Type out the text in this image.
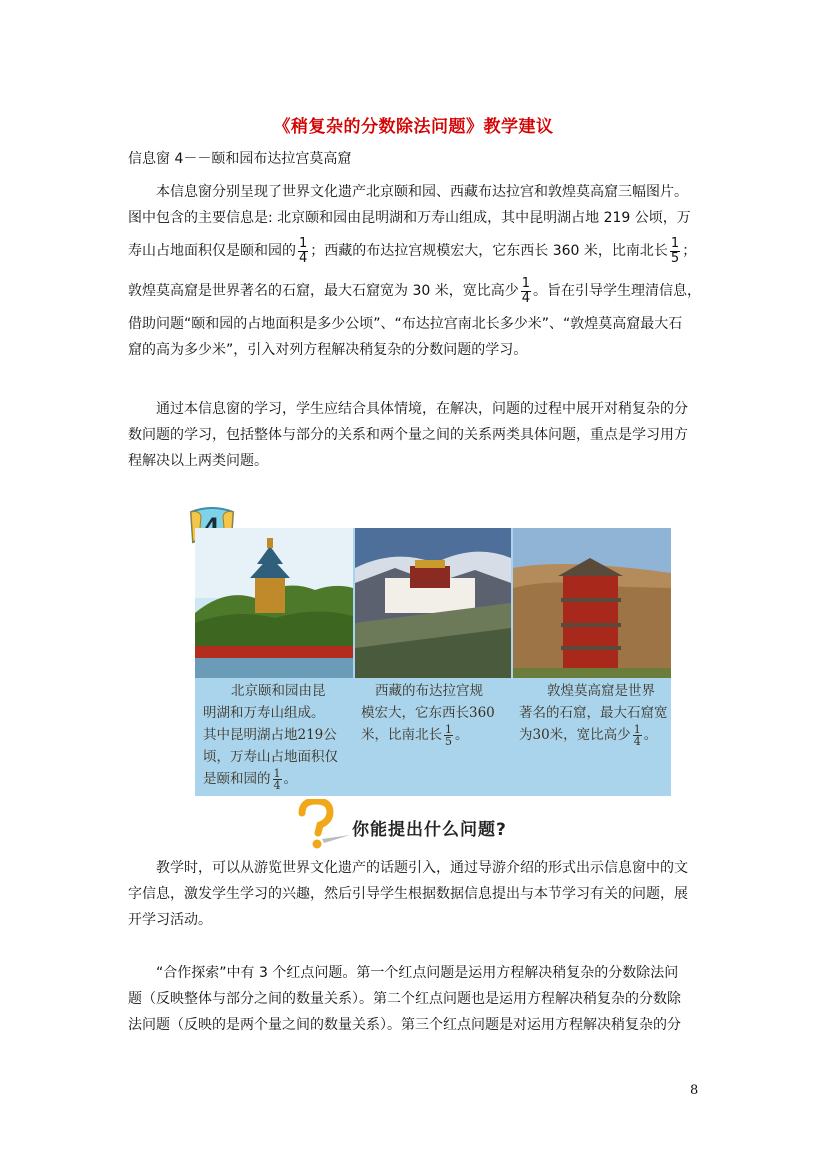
《稍复杂的分数除法问题》教学建议
信息窗 4－－颐和园布达拉宫莫高窟
本信息窗分别呈现了世界文化遗产北京颐和园、西藏布达拉宫和敦煌莫高窟三幅图片。
图中包含的主要信息是: 北京颐和园由昆明湖和万寿山组成，其中昆明湖占地 219 公顷，万
寿山占地面积仅是颐和园的 $\frac{1}{4}$ ；西藏的布达拉宫规模宏大，它东西长 360 米，比南北长 $\frac{1}{5}$ ；
敦煌莫高窟是世界著名的石窟，最大石窟宽为 30 米，宽比高少 $\frac{1}{4}$ 。旨在引导学生理清信息，
借助问题“颐和园的占地面积是多少公顷”、“布达拉宫南北长多少米”、“敦煌莫高窟最大石
窟的高为多少米”，引入对列方程解决稍复杂的分数问题的学习。
通过本信息窗的学习，学生应结合具体情境，在解决，问题的过程中展开对稍复杂的分
数问题的学习，包括整体与部分的关系和两个量之间的关系两类具体问题，重点是学习用方
程解决以上两类问题。
北京颐和园由昆
明湖和万寿山组成。
其中昆明湖占地219公
顷，万寿山占地面积仅
是颐和园的 $\frac{1}{4}$ 。
西藏的布达拉宫规
模宏大，它东西长360
米，比南北长 $\frac{1}{5}$ 。
敦煌莫高窟是世界
著名的石窟，最大石窟宽
为30米，宽比高少 $\frac{1}{4}$ 。
你能提出什么问题?
教学时，可以从游览世界文化遗产的话题引入，通过导游介绍的形式出示信息窗中的文
字信息，激发学生学习的兴趣，然后引导学生根据数据信息提出与本节学习有关的问题，展
开学习活动。
“合作探索”中有 3 个红点问题。第一个红点问题是运用方程解决稍复杂的分数除法问
题（反映整体与部分之间的数量关系）。第二个红点问题也是运用方程解决稍复杂的分数除
法问题（反映的是两个量之间的数量关系）。第三个红点问题是对运用方程解决稍复杂的分
8
